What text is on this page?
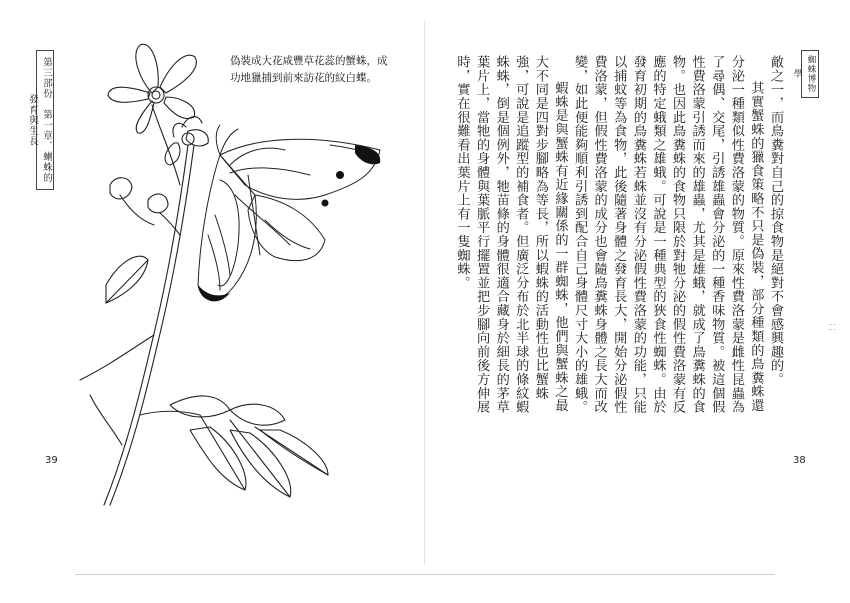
第三部份　第一章．蝲蛛的發育與生長
偽裝成大花咸豐草花蕊的蟹蛛，成功地獵捕到前來訪花的紋白蝶。
39
蜘蛛博物學

敵之一，而鳥糞對自己的掠食物是絕對不會感興趣的。

其實蟹蛛的獵食策略不只是偽裝，部分種類的鳥糞蛛還分泌一種類似性費洛蒙的物質。原來性費洛蒙是雌性昆蟲為了尋偶、交尾，引誘雄蟲會分泌的一種香味物質。被這個假性費洛蒙引誘而來的雄蟲，尤其是雄蛾，就成了鳥糞蛛的食物。也因此鳥糞蛛的食物只限於對牠分泌的假性費洛蒙有反應的特定蛾類之雄蛾。可說是一種典型的狹食性蜘蛛。由於發育初期的鳥糞蛛若蛛並沒有分泌假性費洛蒙的功能，只能以捕蚊等為食物，此後隨著身體之發育長大，開始分泌假性費洛蒙，但假性費洛蒙的成分也會隨鳥糞蛛身體之長大而改變，如此便能夠順利引誘到配合自己身體尺寸大小的雄蛾。

蝦蛛是與蟹蛛有近緣關係的一群蜘蛛，他們與蟹蛛之最大不同是四對步腳略為等長，所以蝦蛛的活動性也比蟹蛛強，可說是追蹤型的補食者。但廣泛分布於北半球的條紋蝦蛛蛛，倒是個例外，牠苗條的身體很適合藏身於細長的茅草葉片上，當牠的身體與葉脈平行擺置並把步腳向前後方伸展時，實在很難看出葉片上有一隻蜘蛛。

38
⁚⁚⁚
